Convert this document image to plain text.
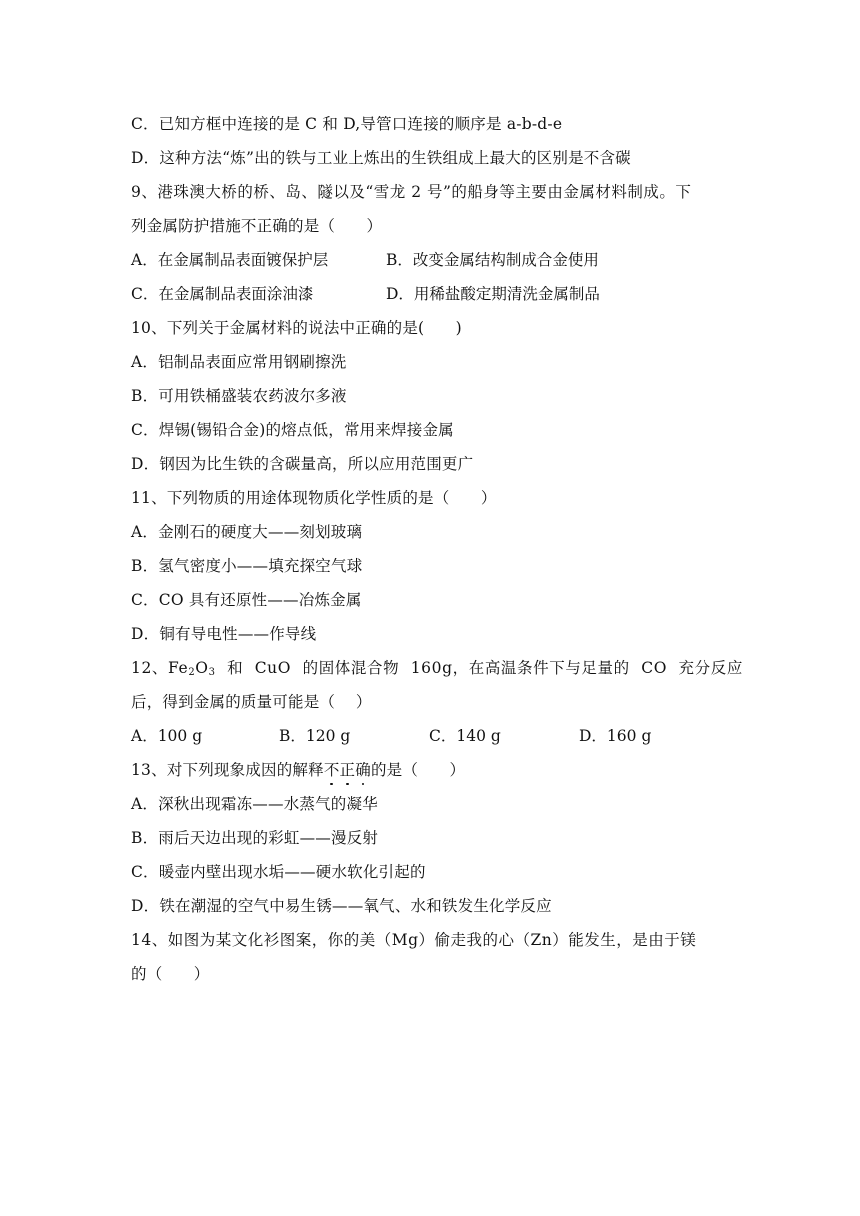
C．已知方框中连接的是 C 和 D,导管口连接的顺序是 a-b-d-e
D．这种方法“炼”出的铁与工业上炼出的生铁组成上最大的区别是不含碳
9、港珠澳大桥的桥、岛、隧以及“雪龙 2 号”的船身等主要由金属材料制成。下
列金属防护措施不正确的是（　　）
A．在金属制品表面镀保护层	B．改变金属结构制成合金使用
C．在金属制品表面涂油漆	D．用稀盐酸定期清洗金属制品
10、下列关于金属材料的说法中正确的是(　　)
A．铝制品表面应常用钢刷擦洗
B．可用铁桶盛装农药波尔多液
C．焊锡(锡铅合金)的熔点低，常用来焊接金属
D．钢因为比生铁的含碳量高，所以应用范围更广
11、下列物质的用途体现物质化学性质的是（　　）
A．金刚石的硬度大——刻划玻璃
B．氢气密度小——填充探空气球
C．CO 具有还原性——冶炼金属
D．铜有导电性——作导线
12、$Fe_2O_3$ 和 CuO 的固体混合物 160g，在高温条件下与足量的 CO 充分反应
后，得到金属的质量可能是（　 ）
A．100 g	B．120 g	C．140 g	D．160 g
13、对下列现象成因的解释不正确的是（　　）
A．深秋出现霜冻——水蒸气的凝华
B．雨后天边出现的彩虹——漫反射
C．暖壶内壁出现水垢——硬水软化引起的
D．铁在潮湿的空气中易生锈——氧气、水和铁发生化学反应
14、如图为某文化衫图案，你的美（Mg）偷走我的心（Zn）能发生，是由于镁
的（　　）
